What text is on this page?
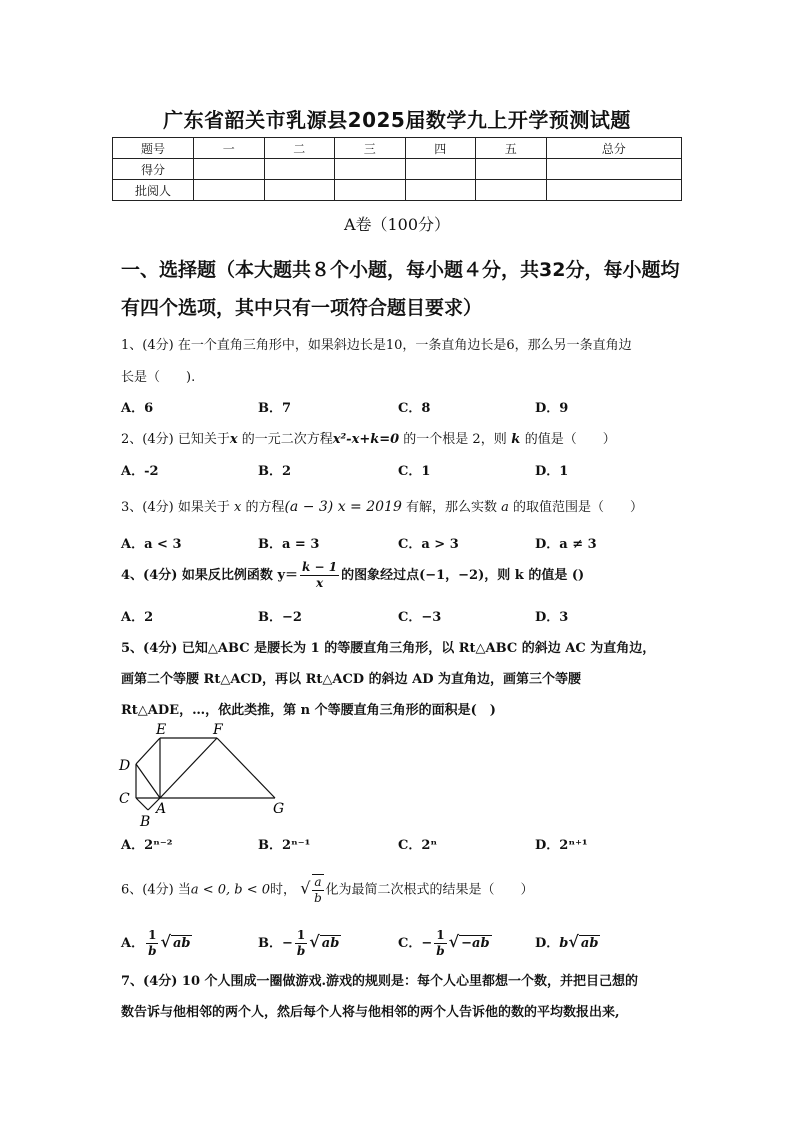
广东省韶关市乳源县2025届数学九上开学预测试题
题号	一	二	三	四	五	总分
得分						
批阅人						
A卷（100分）
一、选择题（本大题共８个小题，每小题４分，共32分，每小题均
有四个选项，其中只有一项符合题目要求）
1、(4分) 在一个直角三角形中，如果斜边长是10，一条直角边长是6，那么另一条直角边
长是（　　).
A．6	B．7	C．8	D．9
2、(4分) 已知关于x 的一元二次方程x²-x+k=0 的一个根是 2，则 k 的值是（　　）
A．-2	B．2	C．1	D．1
3、(4分) 如果关于 x 的方程(a − 3) x = 2019 有解，那么实数 a 的取值范围是（　　）
A．a < 3	B．a = 3	C．a > 3	D．a ≠ 3
4、(4分) 如果反比例函数 $y= \frac{k - 1}{x}$ 的图象经过点(−1，−2)，则 k 的值是 ()
A．2	B．−2	C．−3	D．3
5、(4分) 已知△ABC 是腰长为 1 的等腰直角三角形，以 Rt△ABC 的斜边 AC 为直角边，
画第二个等腰 Rt△ACD，再以 Rt△ACD 的斜边 AD 为直角边，画第三个等腰
Rt△ADE，…，依此类推，第 n 个等腰直角三角形的面积是(　)
E	F
D
C
A
B
G
A．2ⁿ⁻²	B．2ⁿ⁻¹	C．2ⁿ	D．2ⁿ⁺¹
6、(4分) 当a < 0, b < 0时， √ $\frac{a}{b}$ 化为最简二次根式的结果是（　　）
A． $\frac{1}{b}$ √ ab	B．− $\frac{1}{b}$ √ ab	C．− $\frac{1}{b}$ √ −ab	D．b√ ab
7、(4分) 10 个人围成一圈做游戏.游戏的规则是：每个人心里都想一个数，并把目己想的
数告诉与他相邻的两个人，然后每个人将与他相邻的两个人告诉他的数的平均数报出来,
